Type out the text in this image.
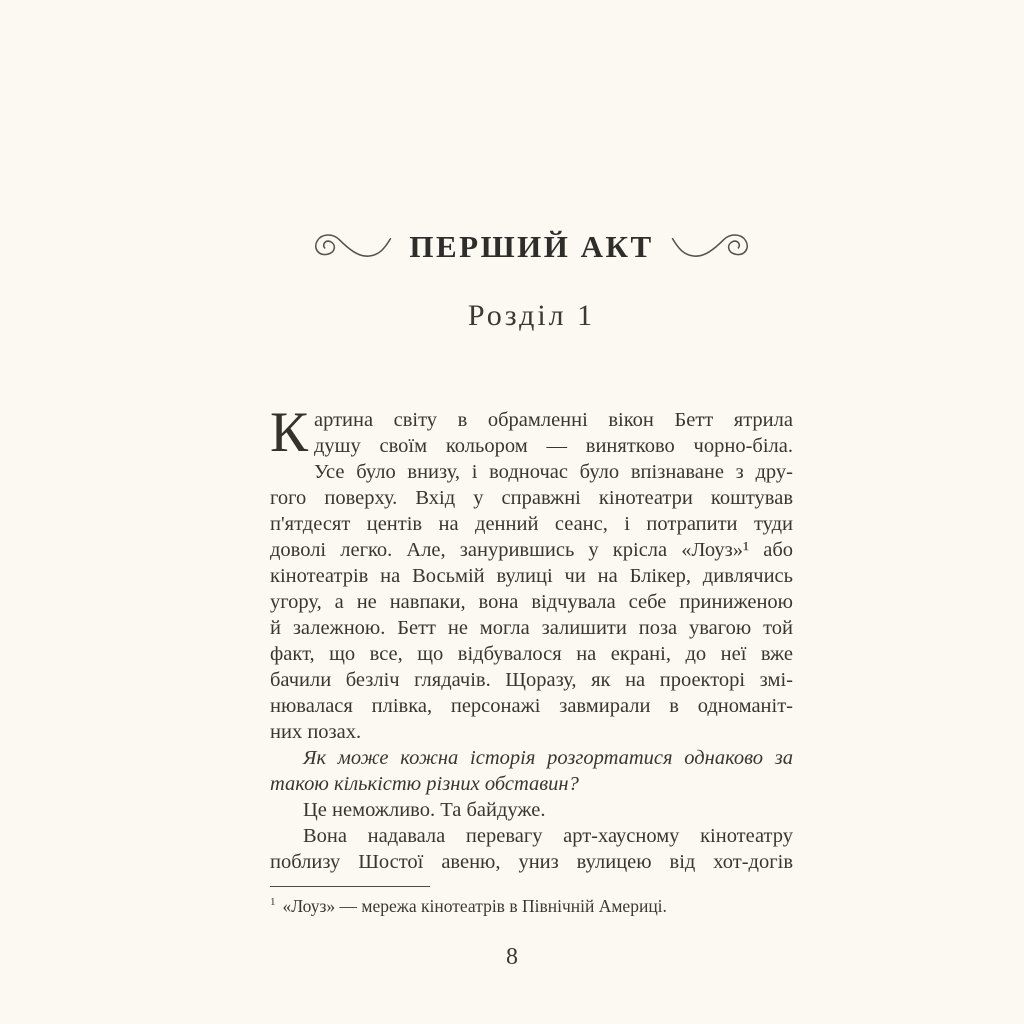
ПЕРШИЙ АКТ
Розділ 1
К артина світу в обрамленні вікон Бетт ятрила
душу своїм кольором — винятково чорно-біла.
Усе було внизу, і водночас було впізнаване з дру-
гого поверху. Вхід у справжні кінотеатри коштував
п'ятдесят центів на денний сеанс, і потрапити туди
доволі легко. Але, занурившись у крісла «Лоуз»¹ або
кінотеатрів на Восьмій вулиці чи на Блікер, дивлячись
угору, а не навпаки, вона відчувала себе приниженою
й залежною. Бетт не могла залишити поза увагою той
факт, що все, що відбувалося на екрані, до неї вже
бачили безліч глядачів. Щоразу, як на проекторі змі-
нювалася плівка, персонажі завмирали в одноманіт-
них позах.
Як може кожна історія розгортатися однаково за
такою кількістю різних обставин?
Це неможливо. Та байдуже.
Вона надавала перевагу арт-хаусному кінотеатру
поблизу Шостої авеню, униз вулицею від хот-догів
$^1$ «Лоуз» — мережа кінотеатрів в Північній Америці.
8
